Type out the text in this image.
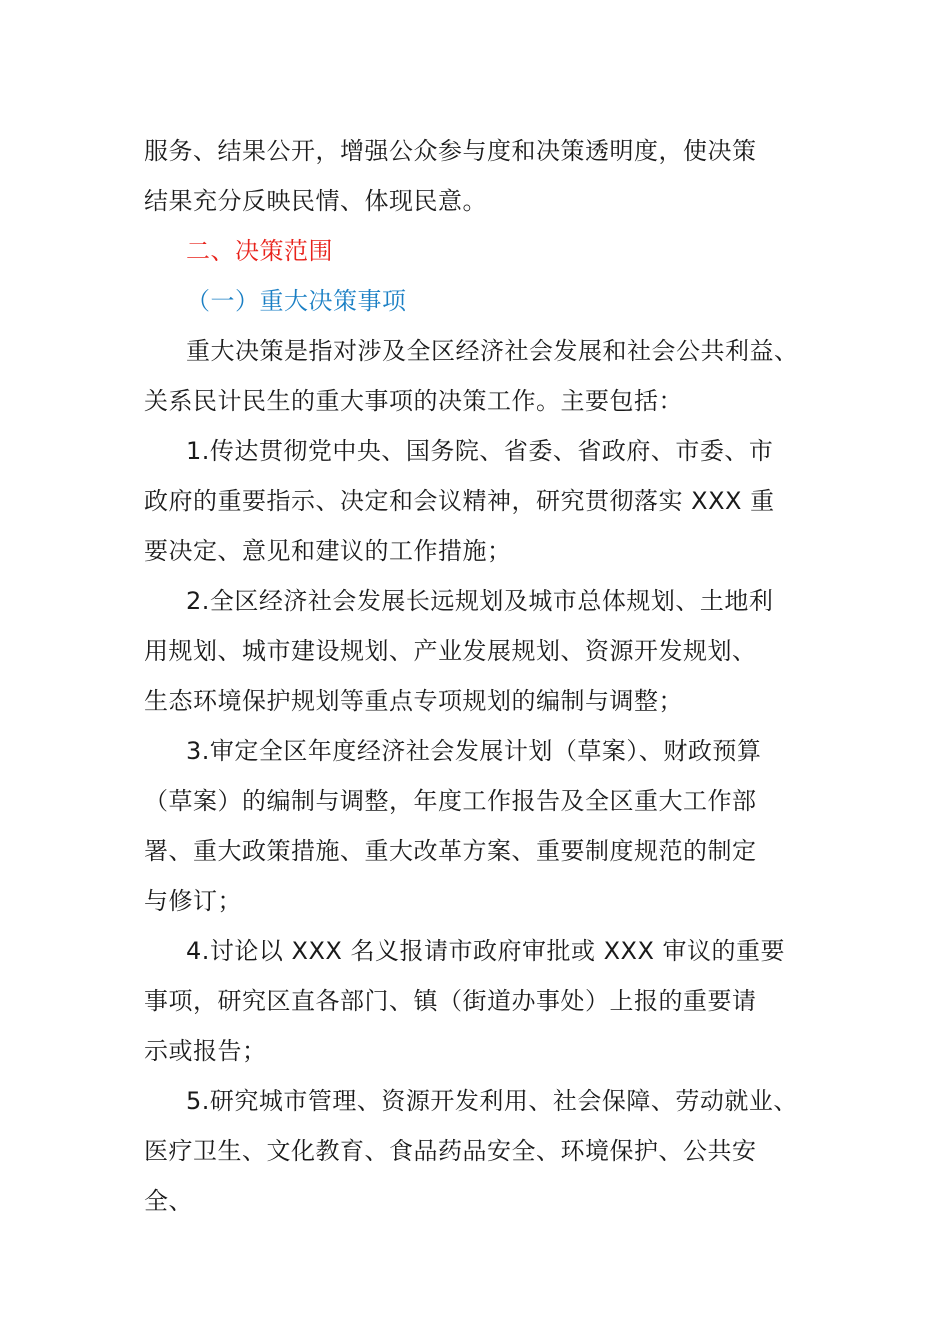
服务、结果公开，增强公众参与度和决策透明度，使决策
结果充分反映民情、体现民意。
二、决策范围
（一）重大决策事项
重大决策是指对涉及全区经济社会发展和社会公共利益、
关系民计民生的重大事项的决策工作。主要包括：
1.传达贯彻党中央、国务院、省委、省政府、市委、市
政府的重要指示、决定和会议精神，研究贯彻落实 XXX 重
要决定、意见和建议的工作措施；
2.全区经济社会发展长远规划及城市总体规划、土地利
用规划、城市建设规划、产业发展规划、资源开发规划、
生态环境保护规划等重点专项规划的编制与调整；
3.审定全区年度经济社会发展计划（草案）、财政预算
（草案）的编制与调整，年度工作报告及全区重大工作部
署、重大政策措施、重大改革方案、重要制度规范的制定
与修订；
4.讨论以 XXX 名义报请市政府审批或 XXX 审议的重要
事项，研究区直各部门、镇（街道办事处）上报的重要请
示或报告；
5.研究城市管理、资源开发利用、社会保障、劳动就业、
医疗卫生、文化教育、食品药品安全、环境保护、公共安
全、
